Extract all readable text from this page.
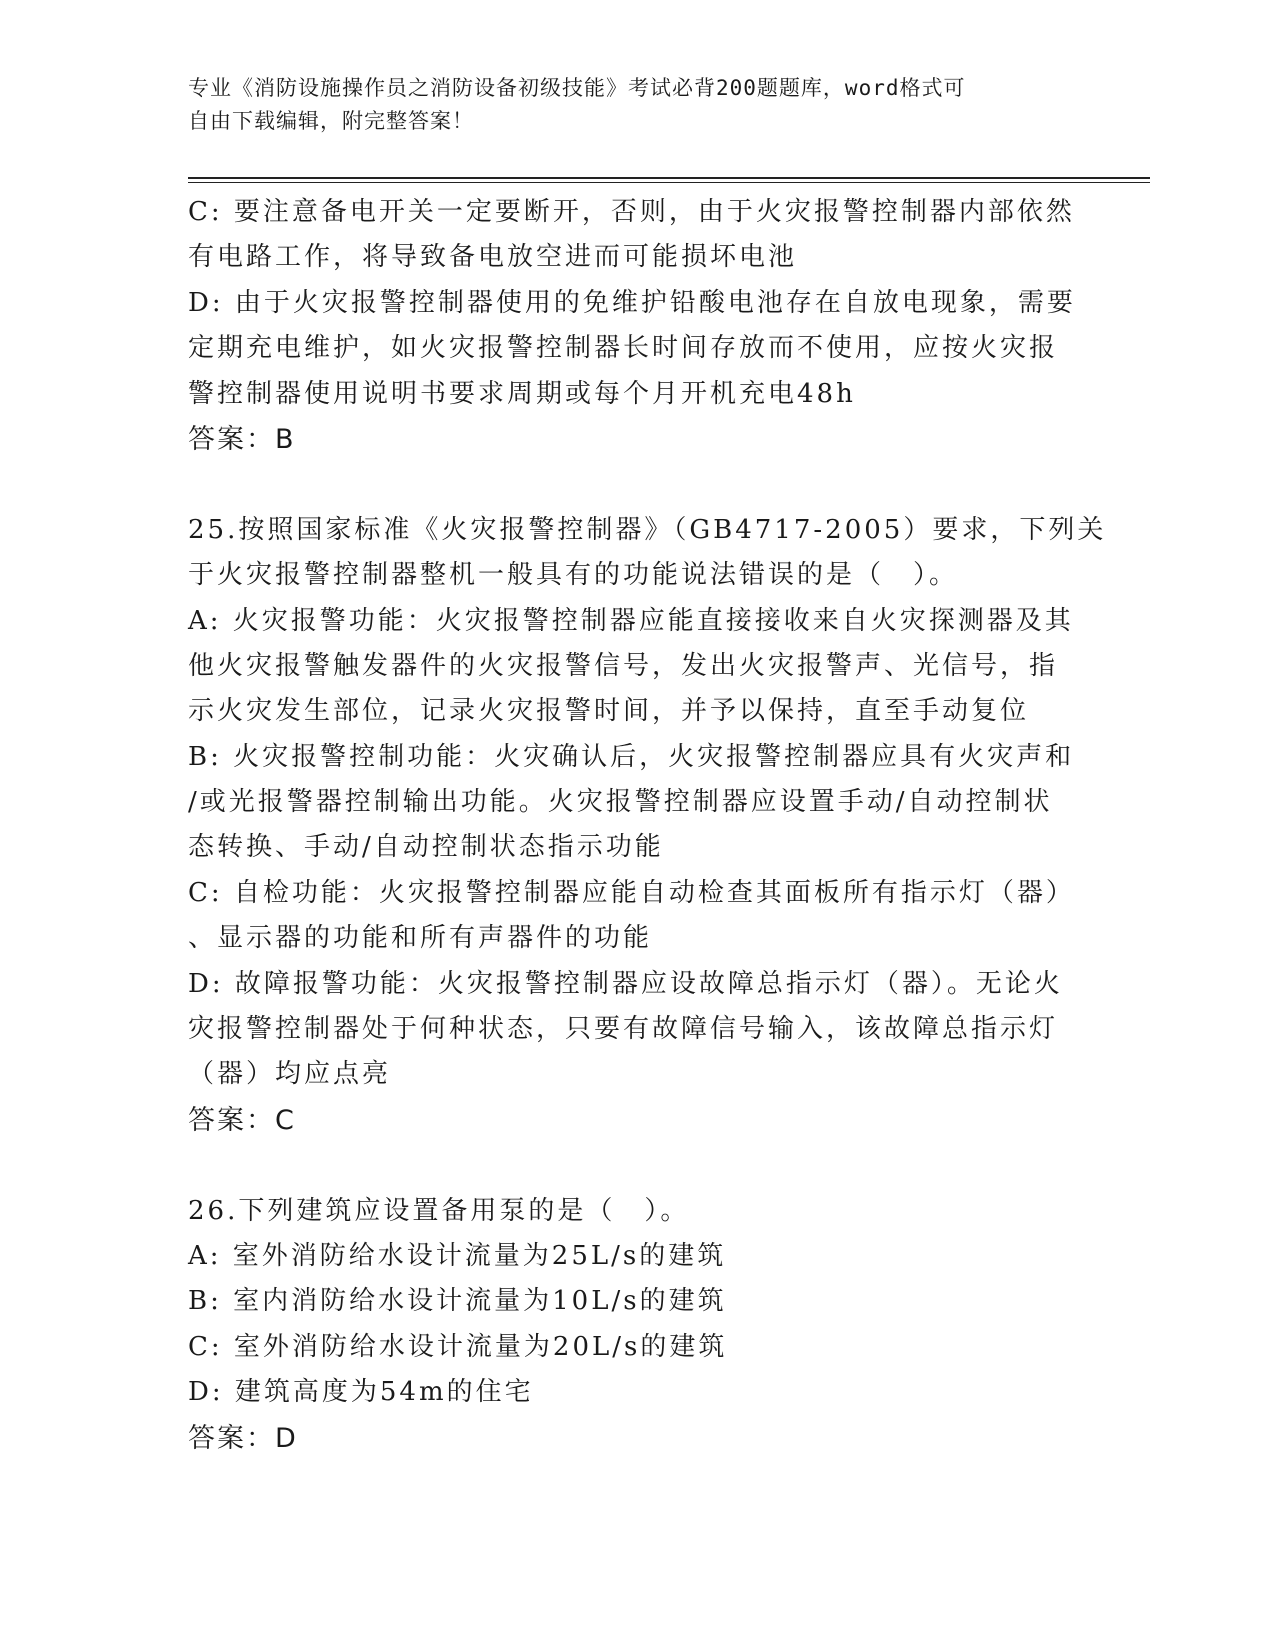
专业《消防设施操作员之消防设备初级技能》考试必背200题题库，word格式可
自由下载编辑，附完整答案！
C: 要注意备电开关一定要断开，否则，由于火灾报警控制器内部依然
有电路工作，将导致备电放空进而可能损坏电池
D: 由于火灾报警控制器使用的免维护铅酸电池存在自放电现象，需要
定期充电维护，如火灾报警控制器长时间存放而不使用，应按火灾报
警控制器使用说明书要求周期或每个月开机充电48h
答案：B
25.按照国家标准《火灾报警控制器》（GB4717-2005）要求，下列关
于火灾报警控制器整机一般具有的功能说法错误的是（　）。
A: 火灾报警功能：火灾报警控制器应能直接接收来自火灾探测器及其
他火灾报警触发器件的火灾报警信号，发出火灾报警声、光信号，指
示火灾发生部位，记录火灾报警时间，并予以保持，直至手动复位
B: 火灾报警控制功能：火灾确认后，火灾报警控制器应具有火灾声和
/或光报警器控制输出功能。火灾报警控制器应设置手动/自动控制状
态转换、手动/自动控制状态指示功能
C: 自检功能：火灾报警控制器应能自动检查其面板所有指示灯（器）
、显示器的功能和所有声器件的功能
D: 故障报警功能：火灾报警控制器应设故障总指示灯（器）。无论火
灾报警控制器处于何种状态，只要有故障信号输入，该故障总指示灯
（器）均应点亮
答案：C
26.下列建筑应设置备用泵的是（　）。
A: 室外消防给水设计流量为25L/s的建筑
B: 室内消防给水设计流量为10L/s的建筑
C: 室外消防给水设计流量为20L/s的建筑
D: 建筑高度为54m的住宅
答案：D
